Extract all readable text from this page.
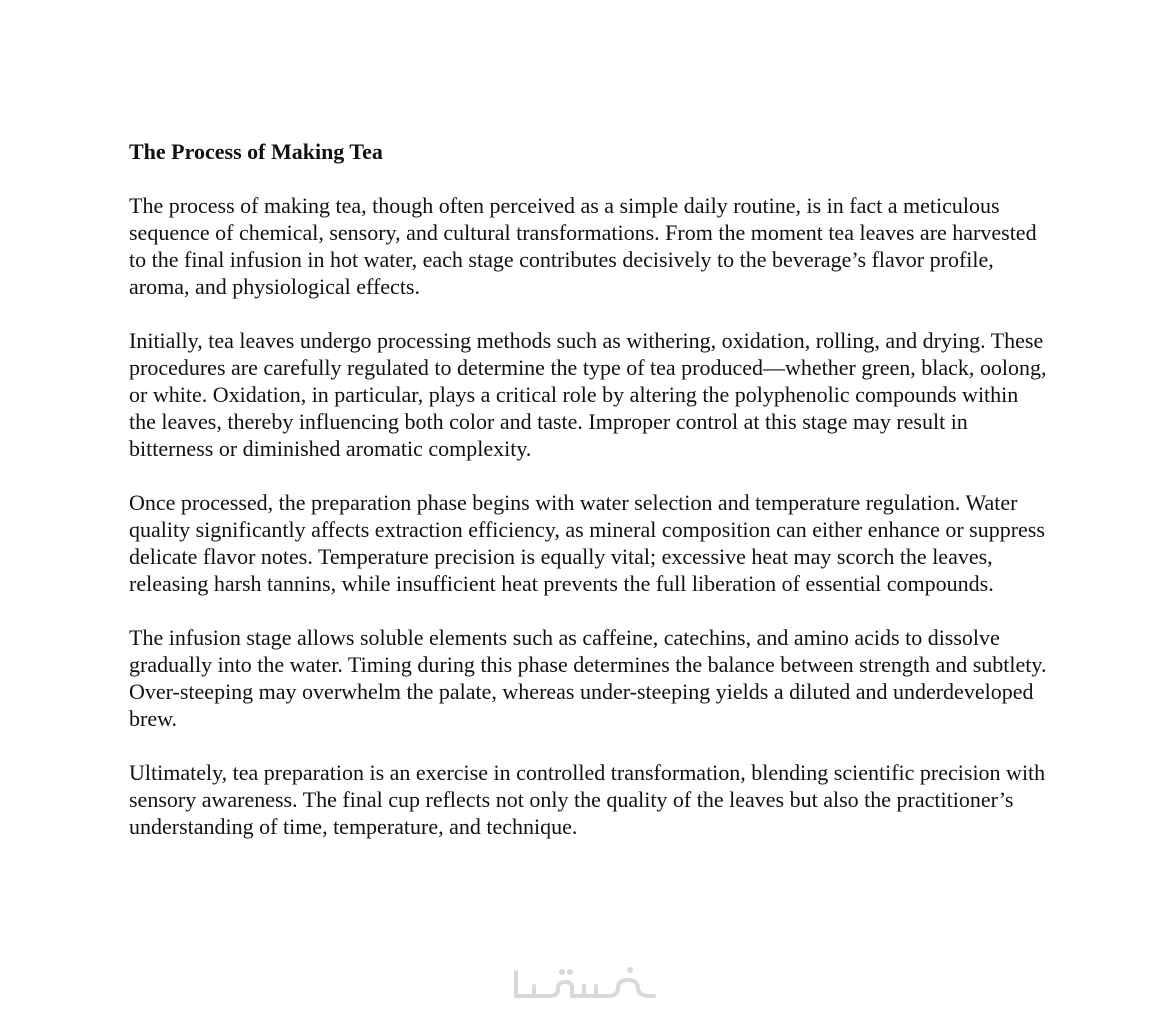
The Process of Making Tea

The process of making tea, though often perceived as a simple daily routine, is in fact a meticulous sequence of chemical, sensory, and cultural transformations. From the moment tea leaves are harvested to the final infusion in hot water, each stage contributes decisively to the beverage’s flavor profile, aroma, and physiological effects.

Initially, tea leaves undergo processing methods such as withering, oxidation, rolling, and drying. These procedures are carefully regulated to determine the type of tea produced—whether green, black, oolong, or white. Oxidation, in particular, plays a critical role by altering the polyphenolic compounds within the leaves, thereby influencing both color and taste. Improper control at this stage may result in bitterness or diminished aromatic complexity.

Once processed, the preparation phase begins with water selection and temperature regulation. Water quality significantly affects extraction efficiency, as mineral composition can either enhance or suppress delicate flavor notes. Temperature precision is equally vital; excessive heat may scorch the leaves, releasing harsh tannins, while insufficient heat prevents the full liberation of essential compounds.

The infusion stage allows soluble elements such as caffeine, catechins, and amino acids to dissolve gradually into the water. Timing during this phase determines the balance between strength and subtlety. Over-steeping may overwhelm the palate, whereas under-steeping yields a diluted and underdeveloped brew.

Ultimately, tea preparation is an exercise in controlled transformation, blending scientific precision with sensory awareness. The final cup reflects not only the quality of the leaves but also the practitioner’s understanding of time, temperature, and technique.
